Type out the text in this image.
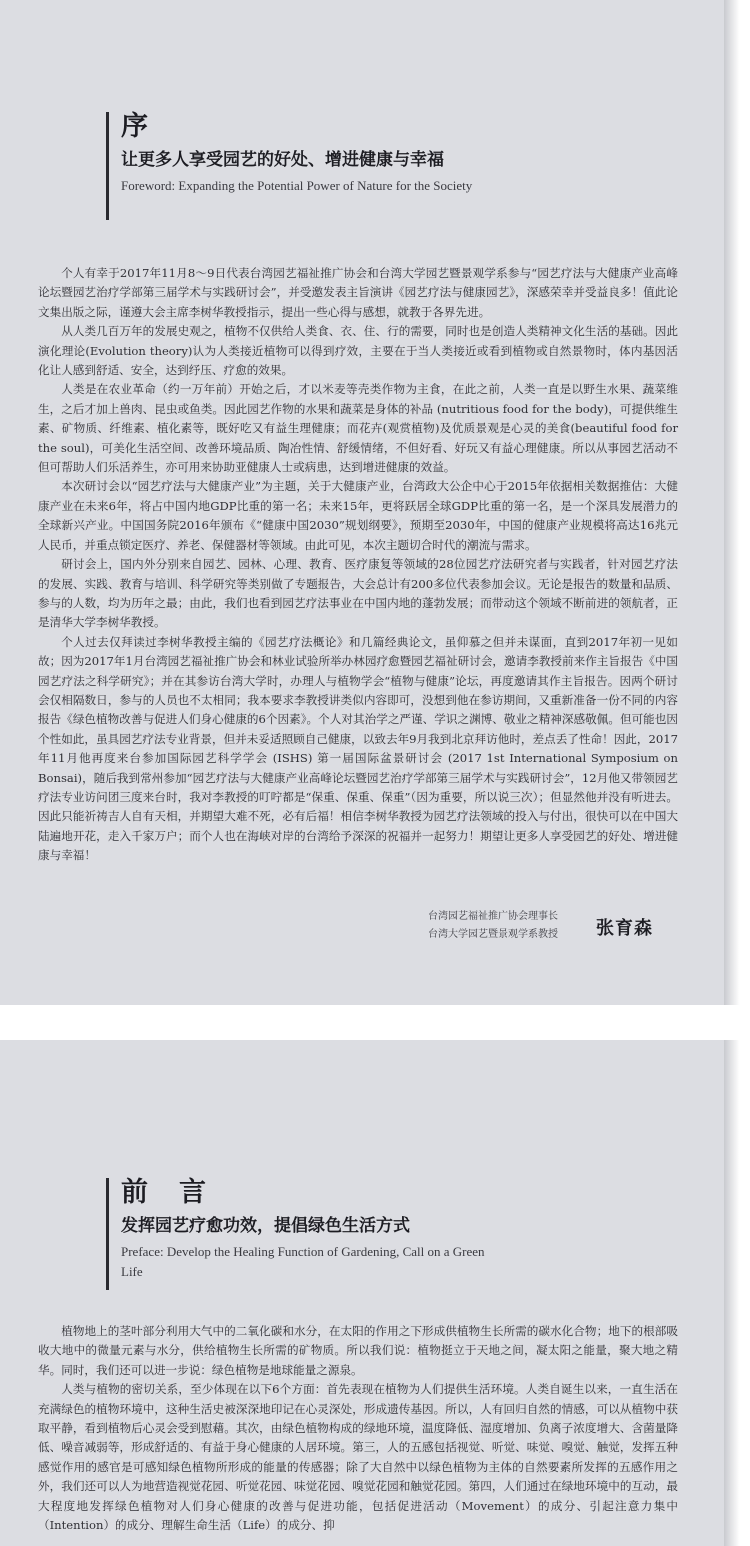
序
让更多人享受园艺的好处、增进健康与幸福
Foreword: Expanding the Potential Power of Nature for the Society

个人有幸于2017年11月8～9日代表台湾园艺福祉推广协会和台湾大学园艺暨景观学系参与“园艺疗法与大健康产业高峰论坛暨园艺治疗学部第三届学术与实践研讨会”，并受邀发表主旨演讲《园艺疗法与健康园艺》，深感荣幸并受益良多！值此论文集出版之际，谨遵大会主席李树华教授指示，提出一些心得与感想，就教于各界先进。

从人类几百万年的发展史观之，植物不仅供给人类食、衣、住、行的需要，同时也是创造人类精神文化生活的基础。因此演化理论(Evolution theory)认为人类接近植物可以得到疗效，主要在于当人类接近或看到植物或自然景物时，体内基因活化让人感到舒适、安全，达到纾压、疗愈的效果。

人类是在农业革命（约一万年前）开始之后，才以米麦等壳类作物为主食，在此之前，人类一直是以野生水果、蔬菜维生，之后才加上兽肉、昆虫或鱼类。因此园艺作物的水果和蔬菜是身体的补品 (nutritious food for the body)，可提供维生素、矿物质、纤维素、植化素等，既好吃又有益生理健康；而花卉(观赏植物)及优质景观是心灵的美食(beautiful food for the soul)，可美化生活空间、改善环境品质、陶冶性情、舒缓情绪，不但好看、好玩又有益心理健康。所以从事园艺活动不但可帮助人们乐活养生，亦可用来协助亚健康人士或病患，达到增进健康的效益。

本次研讨会以“园艺疗法与大健康产业”为主题，关于大健康产业，台湾政大公企中心于2015年依据相关数据推估：大健康产业在未来6年，将占中国内地GDP比重的第一名；未来15年，更将跃居全球GDP比重的第一名，是一个深具发展潜力的全球新兴产业。中国国务院2016年颁布《“健康中国2030”规划纲要》，预期至2030年，中国的健康产业规模将高达16兆元人民币，并重点锁定医疗、养老、保健器材等领域。由此可见，本次主题切合时代的潮流与需求。

研讨会上，国内外分别来自园艺、园林、心理、教育、医疗康复等领域的28位园艺疗法研究者与实践者，针对园艺疗法的发展、实践、教育与培训、科学研究等类别做了专题报告，大会总计有200多位代表参加会议。无论是报告的数量和品质、参与的人数，均为历年之最；由此，我们也看到园艺疗法事业在中国内地的蓬勃发展；而带动这个领域不断前进的领航者，正是清华大学李树华教授。

个人过去仅拜读过李树华教授主编的《园艺疗法概论》和几篇经典论文，虽仰慕之但并未谋面，直到2017年初一见如故；因为2017年1月台湾园艺福祉推广协会和林业试验所举办林园疗愈暨园艺福祉研讨会，邀请李教授前来作主旨报告《中国园艺疗法之科学研究》；并在其参访台湾大学时，办理人与植物学会“植物与健康”论坛，再度邀请其作主旨报告。因两个研讨会仅相隔数日，参与的人员也不太相同；我本要求李教授讲类似内容即可，没想到他在参访期间，又重新准备一份不同的内容报告《绿色植物改善与促进人们身心健康的6个因素》。个人对其治学之严谨、学识之渊博、敬业之精神深感敬佩。但可能也因个性如此，虽具园艺疗法专业背景，但并未妥适照顾自己健康，以致去年9月我到北京拜访他时，差点丢了性命！因此，2017年11月他再度来台参加国际园艺科学学会 (ISHS) 第一届国际盆景研讨会 (2017 1st International Symposium on Bonsai)，随后我到常州参加“园艺疗法与大健康产业高峰论坛暨园艺治疗学部第三届学术与实践研讨会”，12月他又带领园艺疗法专业访问团三度来台时，我对李教授的叮咛都是“保重、保重、保重”（因为重要，所以说三次）；但显然他并没有听进去。因此只能祈祷吉人自有天相，并期望大难不死，必有后福！相信李树华教授为园艺疗法领域的投入与付出，很快可以在中国大陆遍地开花，走入千家万户；而个人也在海峡对岸的台湾给予深深的祝福并一起努力！期望让更多人享受园艺的好处、增进健康与幸福！

台湾园艺福祉推广协会理事长
台湾大学园艺暨景观学系教授 张育森
前　言
发挥园艺疗愈功效，提倡绿色生活方式
Preface: Develop the Healing Function of Gardening, Call on a Green Life

植物地上的茎叶部分利用大气中的二氧化碳和水分，在太阳的作用之下形成供植物生长所需的碳水化合物；地下的根部吸收大地中的微量元素与水分，供给植物生长所需的矿物质。所以我们说：植物挺立于天地之间，凝太阳之能量，聚大地之精华。同时，我们还可以进一步说：绿色植物是地球能量之源泉。

人类与植物的密切关系，至少体现在以下6个方面：首先表现在植物为人们提供生活环境。人类自诞生以来，一直生活在充满绿色的植物环境中，这种生活史被深深地印记在心灵深处，形成遗传基因。所以，人有回归自然的情感，可以从植物中获取平静，看到植物后心灵会受到慰藉。其次，由绿色植物构成的绿地环境，温度降低、湿度增加、负离子浓度增大、含菌量降低、噪音减弱等，形成舒适的、有益于身心健康的人居环境。第三，人的五感包括视觉、听觉、味觉、嗅觉、触觉，发挥五种感觉作用的感官是可感知绿色植物所形成的能量的传感器；除了大自然中以绿色植物为主体的自然要素所发挥的五感作用之外，我们还可以人为地营造视觉花园、听觉花园、味觉花园、嗅觉花园和触觉花园。第四，人们通过在绿地环境中的互动，最大程度地发挥绿色植物对人们身心健康的改善与促进功能，包括促进活动（Movement）的成分、引起注意力集中（Intention）的成分、理解生命生活（Life）的成分、抑
